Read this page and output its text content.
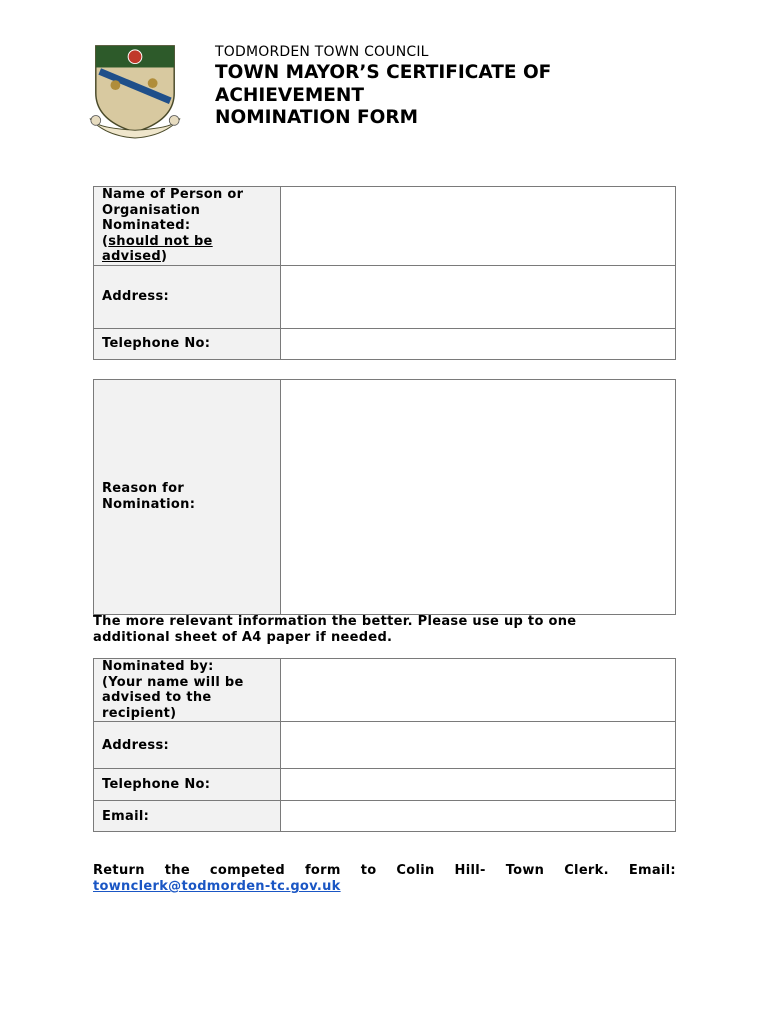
TODMORDEN TOWN COUNCIL
TOWN MAYOR’S CERTIFICATE OF
ACHIEVEMENT
NOMINATION FORM
Name of Person or
Organisation
Nominated:
(should not be
advised)	

Address:	
Telephone No:	
Reason for
Nomination:

The more relevant information the better. Please use up to one
additional sheet of A4 paper if needed.
Nominated by:
(Your name will be
advised to the
recipient)	

Address:	
Telephone No:	
Email:	
Return the competed form to Colin Hill- Town Clerk. Email:
townclerk@todmorden-tc.gov.uk
